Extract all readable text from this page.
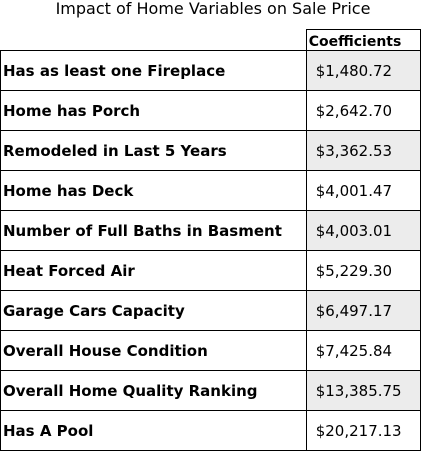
Impact of Home Variables on Sale Price
	Coefficients
Has as least one Fireplace	$1,480.72
Home has Porch	$2,642.70
Remodeled in Last 5 Years	$3,362.53
Home has Deck	$4,001.47
Number of Full Baths in Basment	$4,003.01
Heat Forced Air	$5,229.30
Garage Cars Capacity	$6,497.17
Overall House Condition	$7,425.84
Overall Home Quality Ranking	$13,385.75
Has A Pool	$20,217.13
